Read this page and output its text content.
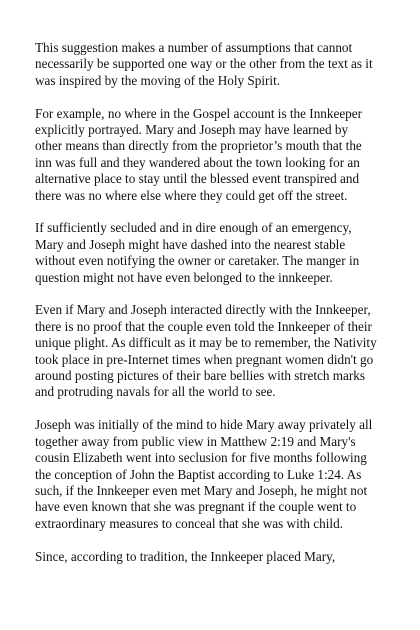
This suggestion makes a number of assumptions that cannot
necessarily be supported one way or the other from the text as it
was inspired by the moving of the Holy Spirit.

For example, no where in the Gospel account is the Innkeeper
explicitly portrayed. Mary and Joseph may have learned by
other means than directly from the proprietor’s mouth that the
inn was full and they wandered about the town looking for an
alternative place to stay until the blessed event transpired and
there was no where else where they could get off the street.

If sufficiently secluded and in dire enough of an emergency,
Mary and Joseph might have dashed into the nearest stable
without even notifying the owner or caretaker. The manger in
question might not have even belonged to the innkeeper.

Even if Mary and Joseph interacted directly with the Innkeeper,
there is no proof that the couple even told the Innkeeper of their
unique plight. As difficult as it may be to remember, the Nativity
took place in pre-Internet times when pregnant women didn't go
around posting pictures of their bare bellies with stretch marks
and protruding navals for all the world to see.

Joseph was initially of the mind to hide Mary away privately all
together away from public view in Matthew 2:19 and Mary's
cousin Elizabeth went into seclusion for five months following
the conception of John the Baptist according to Luke 1:24. As
such, if the Innkeeper even met Mary and Joseph, he might not
have even known that she was pregnant if the couple went to
extraordinary measures to conceal that she was with child.

Since, according to tradition, the Innkeeper placed Mary,
